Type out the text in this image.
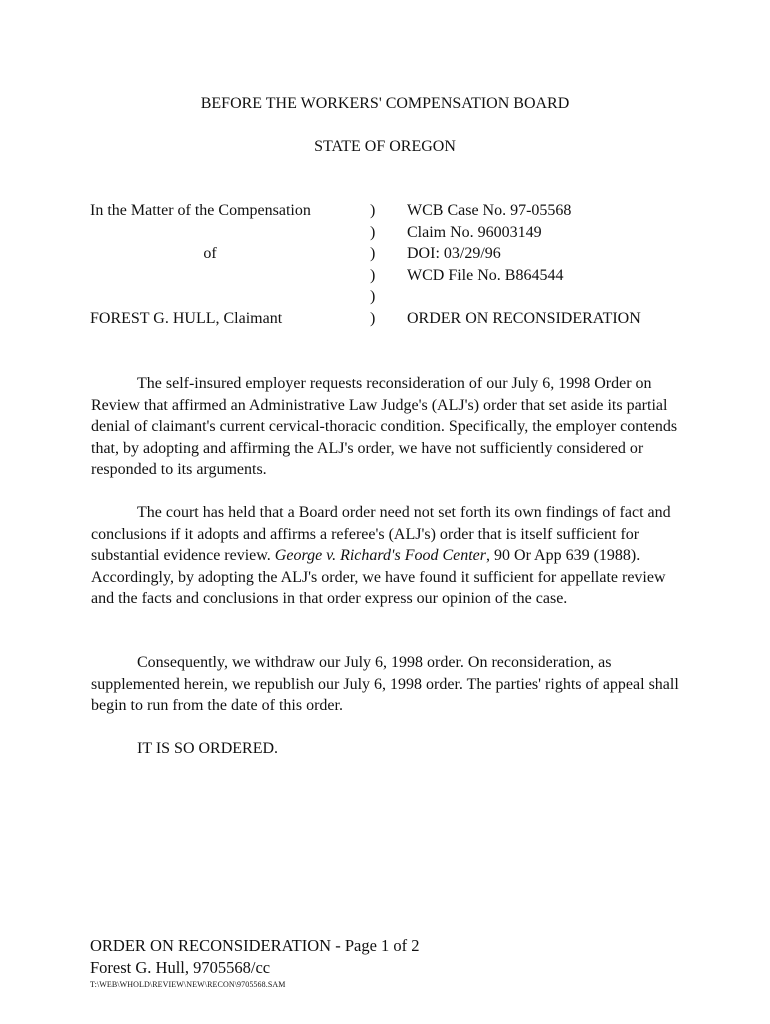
BEFORE THE WORKERS' COMPENSATION BOARD
STATE OF OREGON
In the Matter of the Compensation
of
FOREST G. HULL, Claimant
)
)
)
)
)
)
WCB Case No. 97-05568
Claim No. 96003149
DOI: 03/29/96
WCD File No. B864544
ORDER ON RECONSIDERATION

The self-insured employer requests reconsideration of our July 6, 1998 Order on Review that affirmed an Administrative Law Judge's (ALJ's) order that set aside its partial denial of claimant's current cervical-thoracic condition. Specifically, the employer contends that, by adopting and affirming the ALJ's order, we have not sufficiently considered or responded to its arguments.

The court has held that a Board order need not set forth its own findings of fact and conclusions if it adopts and affirms a referee's (ALJ's) order that is itself sufficient for substantial evidence review. George v. Richard's Food Center, 90 Or App 639 (1988). Accordingly, by adopting the ALJ's order, we have found it sufficient for appellate review and the facts and conclusions in that order express our opinion of the case.

Consequently, we withdraw our July 6, 1998 order. On reconsideration, as supplemented herein, we republish our July 6, 1998 order. The parties' rights of appeal shall begin to run from the date of this order.

IT IS SO ORDERED.

ORDER ON RECONSIDERATION - Page 1 of 2
Forest G. Hull, 9705568/cc
T:\WEB\WHOLD\REVIEW\NEW\RECON\9705568.SAM
